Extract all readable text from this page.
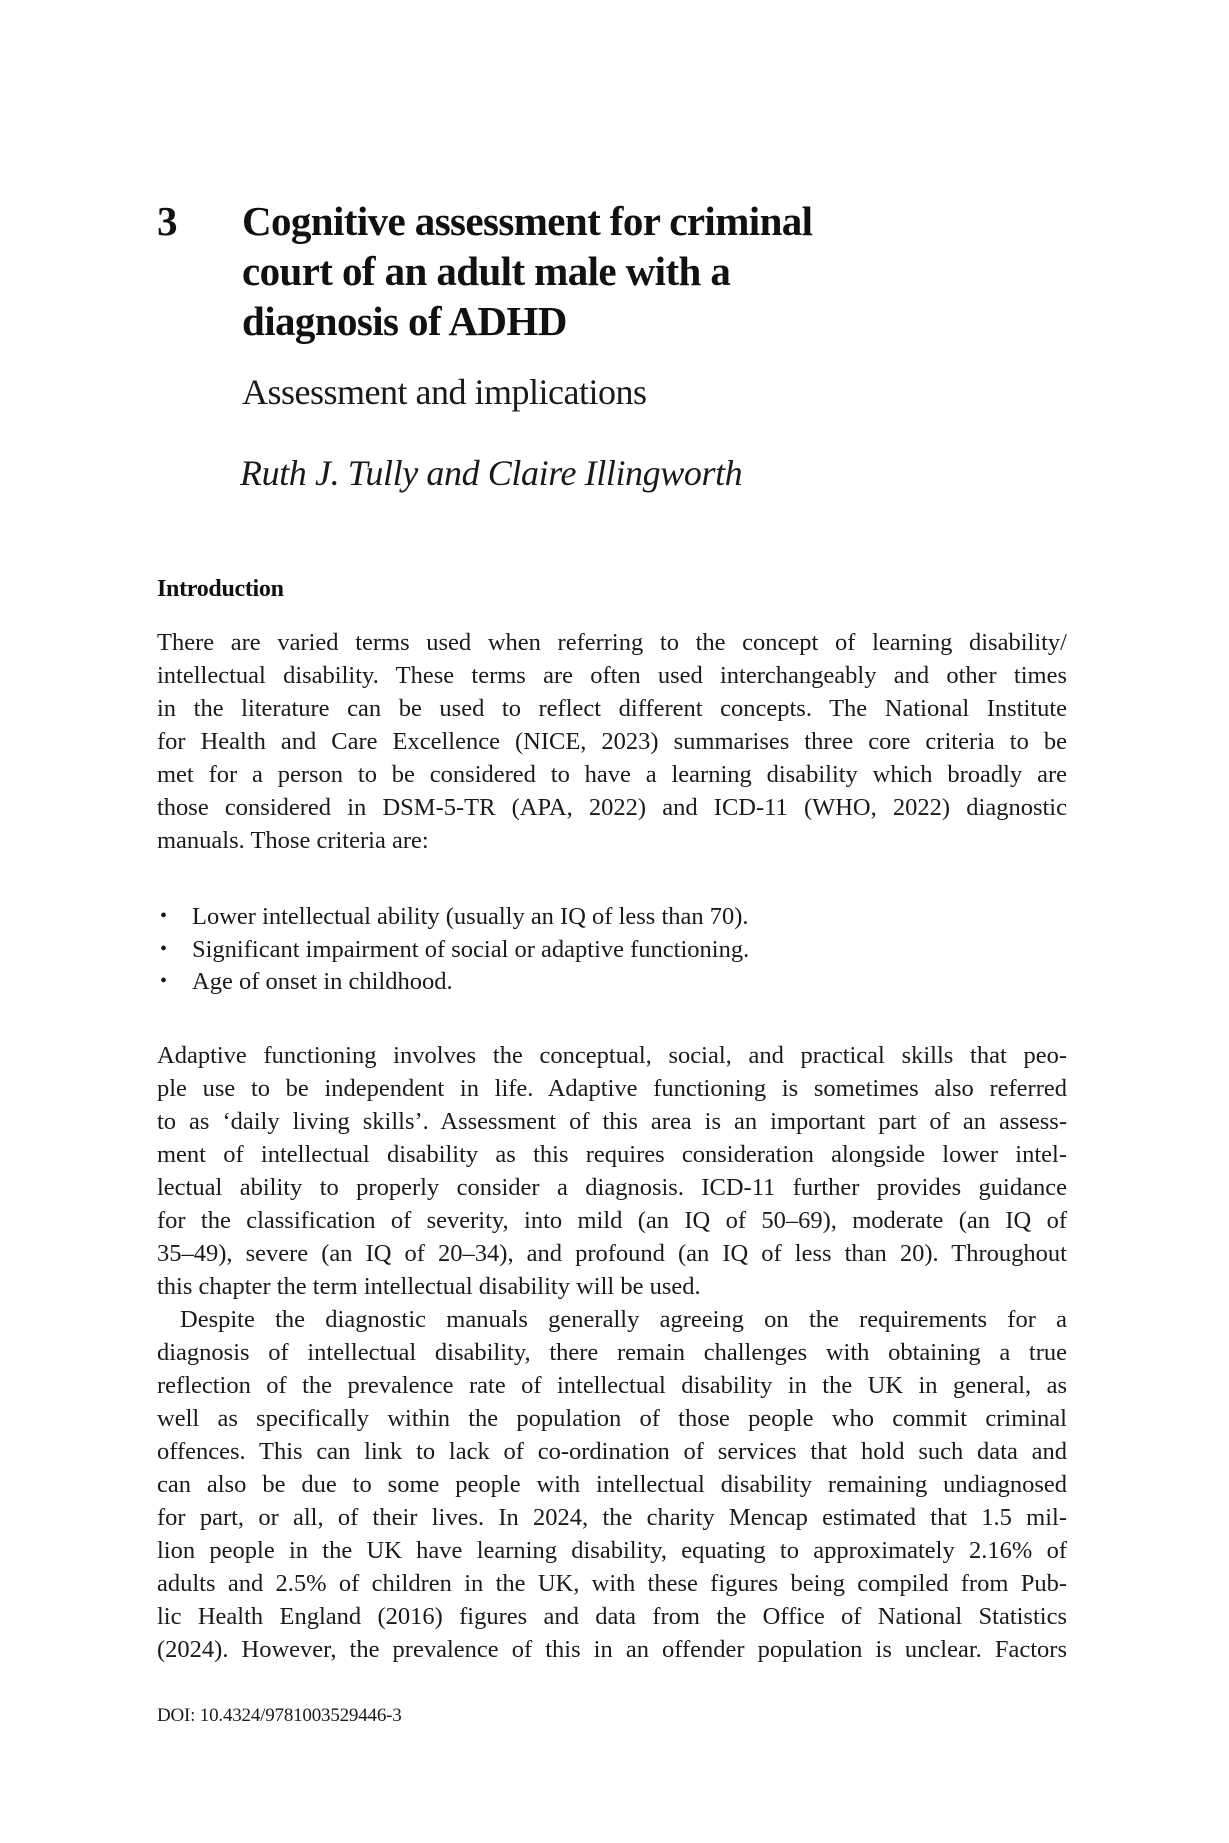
3 Cognitive assessment for criminal
court of an adult male with a
diagnosis of ADHD
Assessment and implications
Ruth J. Tully and Claire Illingworth
Introduction
There are varied terms used when referring to the concept of learning disability/
intellectual disability. These terms are often used interchangeably and other times
in the literature can be used to reflect different concepts. The National Institute
for Health and Care Excellence (NICE, 2023) summarises three core criteria to be
met for a person to be considered to have a learning disability which broadly are
those considered in DSM-5-TR (APA, 2022) and ICD-11 (WHO, 2022) diagnostic
manuals. Those criteria are:
• Lower intellectual ability (usually an IQ of less than 70).
• Significant impairment of social or adaptive functioning.
• Age of onset in childhood.
Adaptive functioning involves the conceptual, social, and practical skills that peo-
ple use to be independent in life. Adaptive functioning is sometimes also referred
to as ‘daily living skills’. Assessment of this area is an important part of an assess-
ment of intellectual disability as this requires consideration alongside lower intel-
lectual ability to properly consider a diagnosis. ICD-11 further provides guidance
for the classification of severity, into mild (an IQ of 50–69), moderate (an IQ of
35–49), severe (an IQ of 20–34), and profound (an IQ of less than 20). Throughout
this chapter the term intellectual disability will be used.
Despite the diagnostic manuals generally agreeing on the requirements for a
diagnosis of intellectual disability, there remain challenges with obtaining a true
reflection of the prevalence rate of intellectual disability in the UK in general, as
well as specifically within the population of those people who commit criminal
offences. This can link to lack of co-ordination of services that hold such data and
can also be due to some people with intellectual disability remaining undiagnosed
for part, or all, of their lives. In 2024, the charity Mencap estimated that 1.5 mil-
lion people in the UK have learning disability, equating to approximately 2.16% of
adults and 2.5% of children in the UK, with these figures being compiled from Pub-
lic Health England (2016) figures and data from the Office of National Statistics
(2024). However, the prevalence of this in an offender population is unclear. Factors
DOI: 10.4324/9781003529446-3
